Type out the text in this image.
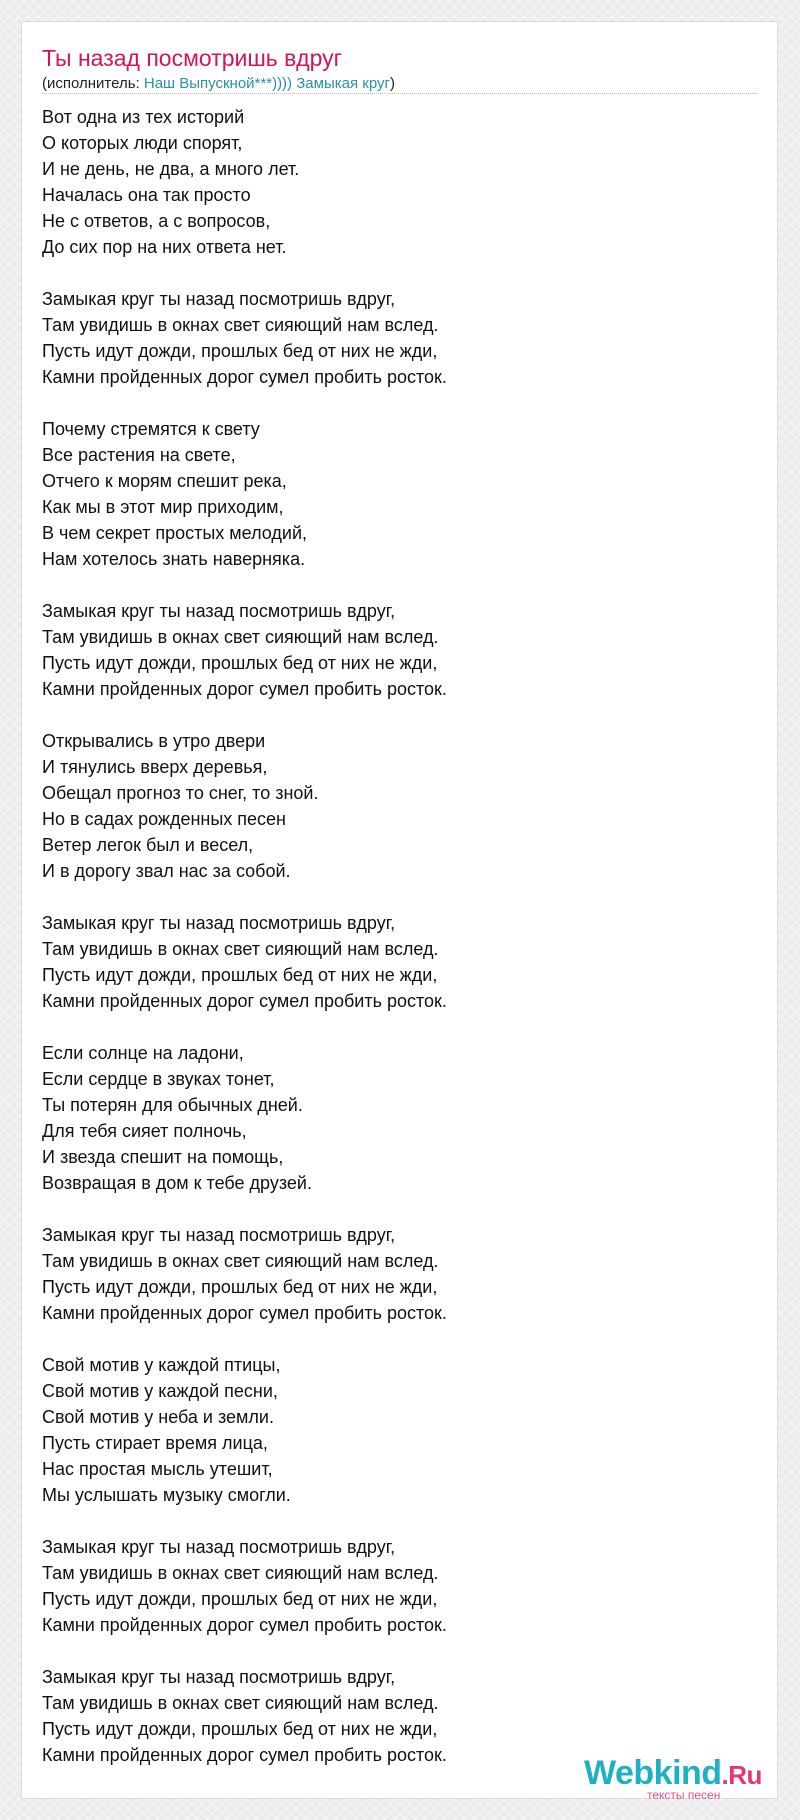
Ты назад посмотришь вдруг
(исполнитель: Наш Выпускной***)))) Замыкая круг)
Вот одна из тех историй
О которых люди спорят,
И не день, не два, а много лет.
Началась она так просто
Не с ответов, а с вопросов,
До сих пор на них ответа нет.
Замыкая круг ты назад посмотришь вдруг,
Там увидишь в окнах свет сияющий нам вслед.
Пусть идут дожди, прошлых бед от них не жди,
Камни пройденных дорог сумел пробить росток.
Почему стремятся к свету
Все растения на свете,
Отчего к морям спешит река,
Как мы в этот мир приходим,
В чем секрет простых мелодий,
Нам хотелось знать наверняка.
Замыкая круг ты назад посмотришь вдруг,
Там увидишь в окнах свет сияющий нам вслед.
Пусть идут дожди, прошлых бед от них не жди,
Камни пройденных дорог сумел пробить росток.
Открывались в утро двери
И тянулись вверх деревья,
Обещал прогноз то снег, то зной.
Но в садах рожденных песен
Ветер легок был и весел,
И в дорогу звал нас за собой.
Замыкая круг ты назад посмотришь вдруг,
Там увидишь в окнах свет сияющий нам вслед.
Пусть идут дожди, прошлых бед от них не жди,
Камни пройденных дорог сумел пробить росток.
Если солнце на ладони,
Если сердце в звуках тонет,
Ты потерян для обычных дней.
Для тебя сияет полночь,
И звезда спешит на помощь,
Возвращая в дом к тебе друзей.
Замыкая круг ты назад посмотришь вдруг,
Там увидишь в окнах свет сияющий нам вслед.
Пусть идут дожди, прошлых бед от них не жди,
Камни пройденных дорог сумел пробить росток.
Свой мотив у каждой птицы,
Свой мотив у каждой песни,
Свой мотив у неба и земли.
Пусть стирает время лица,
Нас простая мысль утешит,
Мы услышать музыку смогли.
Замыкая круг ты назад посмотришь вдруг,
Там увидишь в окнах свет сияющий нам вслед.
Пусть идут дожди, прошлых бед от них не жди,
Камни пройденных дорог сумел пробить росток.
Замыкая круг ты назад посмотришь вдруг,
Там увидишь в окнах свет сияющий нам вслед.
Пусть идут дожди, прошлых бед от них не жди,
Камни пройденных дорог сумел пробить росток.	Webkind.Ru
тексты песен
